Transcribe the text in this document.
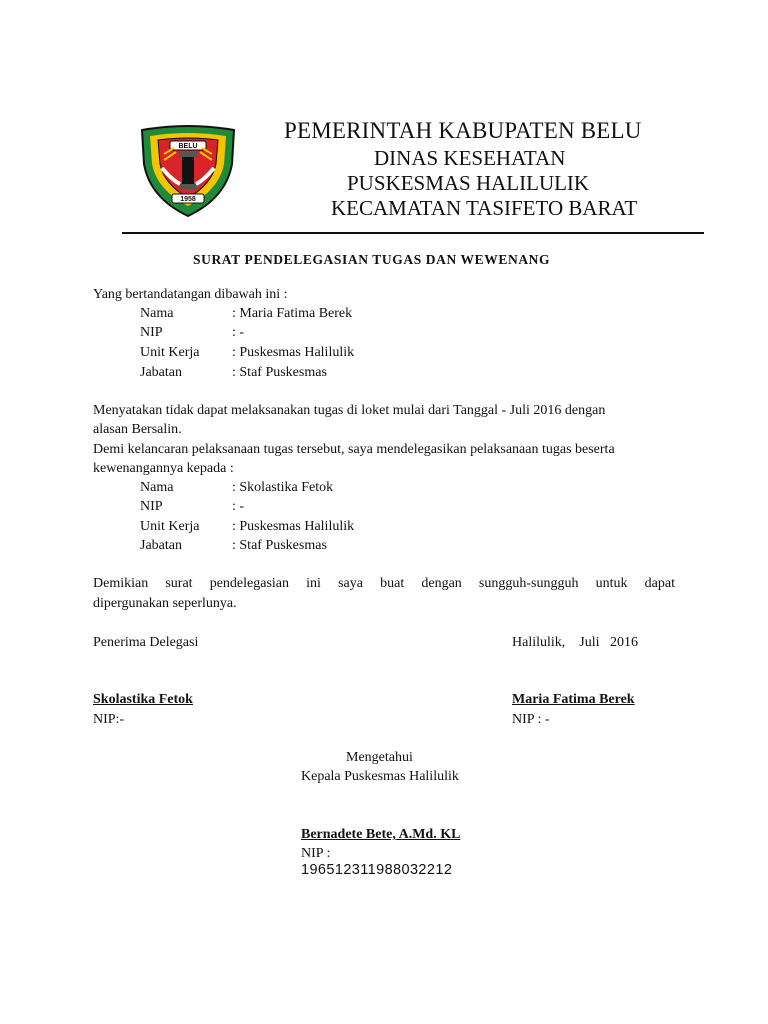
BELU
1958
PEMERINTAH KABUPATEN BELU
DINAS KESEHATAN
PUSKESMAS HALILULIK
KECAMATAN TASIFETO BARAT
SURAT PENDELEGASIAN TUGAS DAN WEWENANG
Yang bertandatangan dibawah ini :
Nama	: Maria Fatima Berek
NIP	: -
Unit Kerja : Puskesmas Halilulik
Jabatan	: Staf Puskesmas
Menyatakan tidak dapat melaksanakan tugas di loket mulai dari Tanggal - Juli 2016 dengan
alasan Bersalin.
Demi kelancaran pelaksanaan tugas tersebut, saya mendelegasikan pelaksanaan tugas beserta
kewenangannya kepada :
Nama	: Skolastika Fetok
NIP	: -
Unit Kerja : Puskesmas Halilulik
Jabatan	: Staf Puskesmas
Demikian surat pendelegasian ini saya buat dengan sungguh-sungguh untuk dapat
dipergunakan seperlunya.
Penerima Delegasi	Halilulik,    Juli   2016
Skolastika Fetok
NIP:-
Maria Fatima Berek
NIP : -
Mengetahui
Kepala Puskesmas Halilulik
Bernadete Bete, A.Md. KL
NIP :
196512311988032212
